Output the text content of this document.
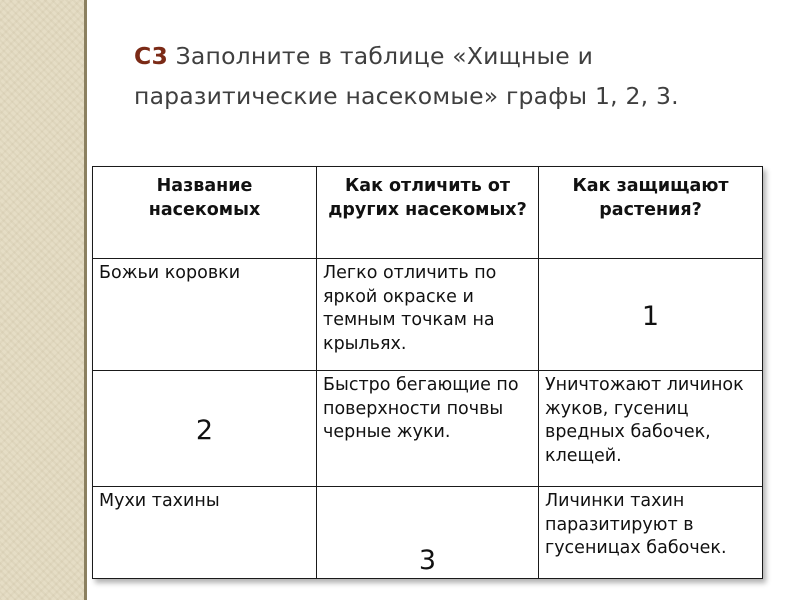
С3 Заполните в таблице «Хищные и паразитические насекомые» графы 1, 2, 3.
Название насекомых	Как отличить от других насекомых?	Как защищают растения?
Божьи коровки	Легко отличить по яркой окраске и темным точкам на крыльях.	1
2	Быстро бегающие по поверхности почвы черные жуки.	Уничтожают личинок жуков, гусениц вредных бабочек, клещей.
Мухи тахины	3	Личинки тахин паразитируют в гусеницах бабочек.
